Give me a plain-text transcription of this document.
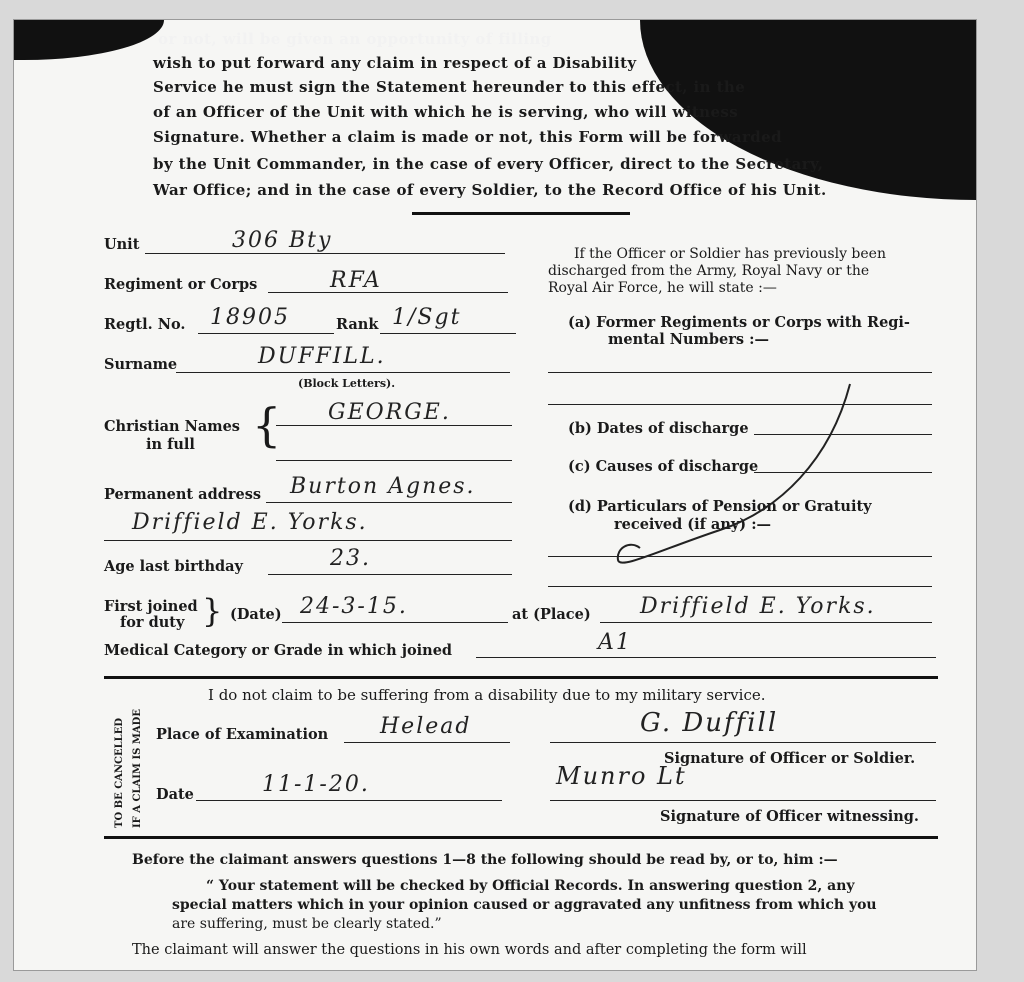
or not, will be given an opportunity of filling
wish to put forward any claim in respect of a Disability
Service he must sign the Statement hereunder to this effect, in the
of an Officer of the Unit with which he is serving, who will witness
Signature. Whether a claim is made or not, this Form will be forwarded
by the Unit Commander, in the case of every Officer, direct to the Secretary,
War Office; and in the case of every Soldier, to the Record Office of his Unit.
Unit	306 Bty
Regiment or Corps	RFA
Regtl. No. 18905	Rank 1/Sgt
Surname	DUFFILL.
(Block Letters).
Christian Names
in full { GEORGE.
Permanent address Burton Agnes.
Driffield E. Yorks.
Age last birthday	23.
First joined
for duty } (Date) 24-3-15.	at (Place) Driffield E. Yorks.
Medical Category or Grade in which joined	A1
If the Officer or Soldier has previously been
discharged from the Army, Royal Navy or the
Royal Air Force, he will state :—
(a) Former Regiments or Corps with Regi-
mental Numbers :—
(b) Dates of discharge
(c) Causes of discharge
(d) Particulars of Pension or Gratuity
received (if any) :—
TO BE CANCELLED IF A CLAIM IS MADE
I do not claim to be suffering from a disability due to my military service.
Place of Examination Helead	G. Duffill
Signature of Officer or Soldier.
Date	11-1-20.	Munro Lt
Signature of Officer witnessing.
Before the claimant answers questions 1—8 the following should be read by, or to, him :—
“ Your statement will be checked by Official Records. In answering question 2, any
special matters which in your opinion caused or aggravated any unfitness from which you
are suffering, must be clearly stated.”
The claimant will answer the questions in his own words and after completing the form will
